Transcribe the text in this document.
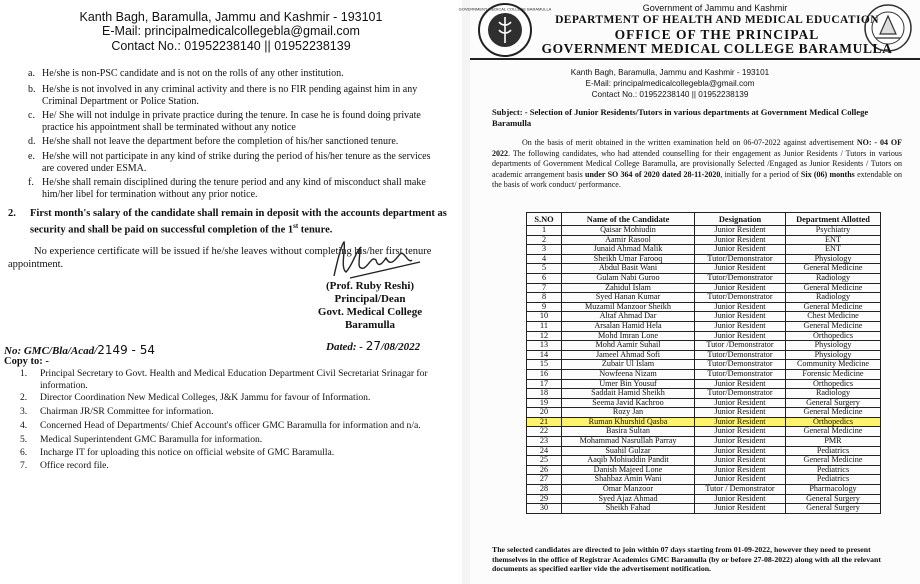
Kanth Bagh, Baramulla, Jammu and Kashmir - 193101
E-Mail: principalmedicalcollegebla@gmail.com
Contact No.: 01952238140 || 01952238139
a. He/she is non-PSC candidate and is not on the rolls of any other institution.
b. He/she is not involved in any criminal activity and there is no FIR pending against him in any Criminal Department or Police Station.
c. He/ She will not indulge in private practice during the tenure. In case he is found doing private practice his appointment shall be terminated without any notice
d. He/she shall not leave the department before the completion of his/her sanctioned tenure.
e. He/she will not participate in any kind of strike during the period of his/her tenure as the services are covered under ESMA.
f. He/she shall remain disciplined during the tenure period and any kind of misconduct shall make him/her libel for termination without any prior notice.
2. First month's salary of the candidate shall remain in deposit with the accounts department as security and shall be paid on successful completion of the 1st tenure.
No experience certificate will be issued if he/she leaves without completing his/her first tenure appointment.
(Prof. Ruby Reshi)
Principal/Dean
Govt. Medical College
Baramulla
No: GMC/Bla/Acad/2149 - 54	Dated: - 27/08/2022
Copy to: -
1. Principal Secretary to Govt. Health and Medical Education Department Civil Secretariat Srinagar for information.
2. Director Coordination New Medical Colleges, J&K Jammu for favour of Information.
3. Chairman JR/SR Committee for information.
4. Concerned Head of Departments/ Chief Account's officer GMC Baramulla for information and n/a.
5. Medical Superintendent GMC Baramulla for information.
6. Incharge IT for uploading this notice on official website of GMC Baramulla.
7. Office record file.
GOVERNMENT MEDICAL COLLEGE BARAMULLA	Government of Jammu and Kashmir
DEPARTMENT OF HEALTH AND MEDICAL EDUCATION
OFFICE OF THE PRINCIPAL
GOVERNMENT MEDICAL COLLEGE BARAMULLA
Kanth Bagh, Baramulla, Jammu and Kashmir - 193101
E-Mail: principalmedicalcollegebla@gmail.com
Contact No.: 01952238140 || 01952238139
Subject: - Selection of Junior Residents/Tutors in various departments at Government Medical College Baramulla
On the basis of merit obtained in the written examination held on 06-07-2022 against advertisement NO: - 04 OF 2022. The following candidates, who had attended counselling for their engagement as Junior Residents / Tutors in various departments of Government Medical College Baramulla, are provisionally Selected /Engaged as Junior Residents / Tutors on academic arrangement basis under SO 364 of 2020 dated 28-11-2020, initially for a period of Six (06) months extendable on the basis of work conduct/ performance.
S.NO	Name of the Candidate	Designation	Department Allotted
1	Qaisar Mohiudin	Junior Resident	Psychiatry
2	Aamir Rasool	Junior Resident	ENT
3	Junaid Ahmad Malik	Junior Resident	ENT
4	Sheikh Umar Farooq	Tutor/Demonstrator	Physiology
5	Abdul Basit Wani	Junior Resident	General Medicine
6	Gulam Nabi Guroo	Tutor/Demonstrator	Radiology
7	Zahidul Islam	Junior Resident	General Medicine
8	Syed Hanan Kumar	Tutor/Demonstrator	Radiology
9	Muzamil Manzoor Sheikh	Junior Resident	General Medicine
10	Altaf Ahmad Dar	Junior Resident	Chest Medicine
11	Arsalan Hamid Hela	Junior Resident	General Medicine
12	Mohd Imran Lone	Junior Resident	Orthopedics
13	Mohd Aamir Suhail	Tutor /Demonstrator	Physiology
14	Jameel Ahmad Sofi	Tutor/Demonstrator	Physiology
15	Zubair Ul Islam	Tutor/Demonstrator	Community Medicine
16	Nowfeena Nizam	Tutor/Demonstrator	Forensic Medicine
17	Umer Bin Yousuf	Junior Resident	Orthopedics
18	Saddait Hamid Sheikh	Tutor/Demonstrator	Radiology
19	Seema Javid Kachroo	Junior Resident	General Surgery
20	Rozy Jan	Junior Resident	General Medicine
21	Ruman Khurshid Qasba	Junior Resident	Orthopedics
22	Basira Sultan	Junior Resident	General Medicine
23	Mohammad Nasrullah Parray	Junior Resident	PMR
24	Suahil Gulzar	Junior Resident	Pediatrics
25	Aaqib Mohiuddin Pandit	Junior Resident	General Medicine
26	Danish Majeed Lone	Junior Resident	Pediatrics
27	Shahbaz Amin Wani	Junior Resident	Pediatrics
28	Omar Manzoor	Tutor / Demonstrator	Pharmacology
29	Syed Ajaz Ahmad	Junior Resident	General Surgery
30	Sheikh Fahad	Junior Resident	General Surgery
The selected candidates are directed to join within 07 days starting from 01-09-2022, however they need to present themselves in the office of Registrar Academics GMC Baramulla (by or before 27-08-2022) along with all the relevant documents as specified earlier vide the advertisement notification.
